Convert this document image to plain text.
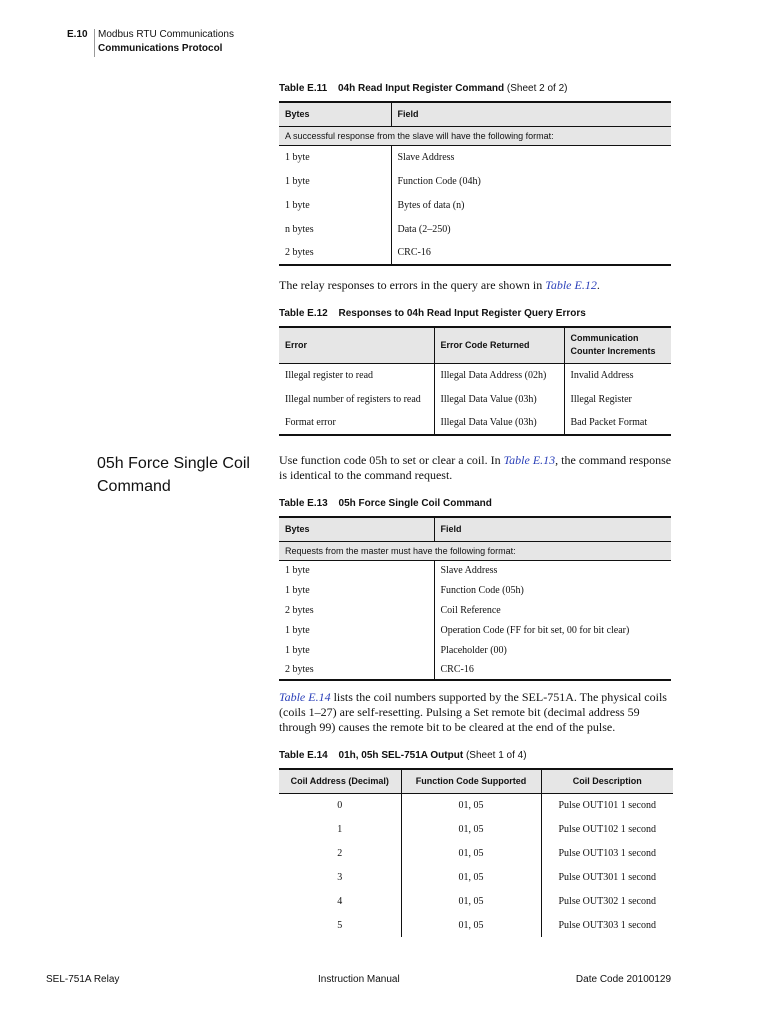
E.10 Modbus RTU Communications
Communications Protocol
Table E.11 04h Read Input Register Command (Sheet 2 of 2)
Bytes	Field
A successful response from the slave will have the following format:	
1 byte	Slave Address
1 byte	Function Code (04h)
1 byte	Bytes of data (n)
n bytes	Data (2–250)
2 bytes	CRC-16
The relay responses to errors in the query are shown in Table E.12.
Table E.12 Responses to 04h Read Input Register Query Errors
Error	Error Code Returned	Communication Counter Increments
Illegal register to read	Illegal Data Address (02h)	Invalid Address
Illegal number of registers to read	Illegal Data Value (03h)	Illegal Register
Format error	Illegal Data Value (03h)	Bad Packet Format
05h Force Single Coil Command
Use function code 05h to set or clear a coil. In Table E.13, the command response is identical to the command request.
Table E.13 05h Force Single Coil Command
Bytes	Field
Requests from the master must have the following format:	
1 byte	Slave Address
1 byte	Function Code (05h)
2 bytes	Coil Reference
1 byte	Operation Code (FF for bit set, 00 for bit clear)
1 byte	Placeholder (00)
2 bytes	CRC-16
Table E.14 lists the coil numbers supported by the SEL-751A. The physical coils (coils 1–27) are self-resetting. Pulsing a Set remote bit (decimal address 59 through 99) causes the remote bit to be cleared at the end of the pulse.
Table E.14 01h, 05h SEL-751A Output (Sheet 1 of 4)
Coil Address (Decimal)	Function Code Supported	Coil Description
0	01, 05	Pulse OUT101 1 second
1	01, 05	Pulse OUT102 1 second
2	01, 05	Pulse OUT103 1 second
3	01, 05	Pulse OUT301 1 second
4	01, 05	Pulse OUT302 1 second
5	01, 05	Pulse OUT303 1 second
SEL-751A Relay	Instruction Manual	Date Code 20100129
